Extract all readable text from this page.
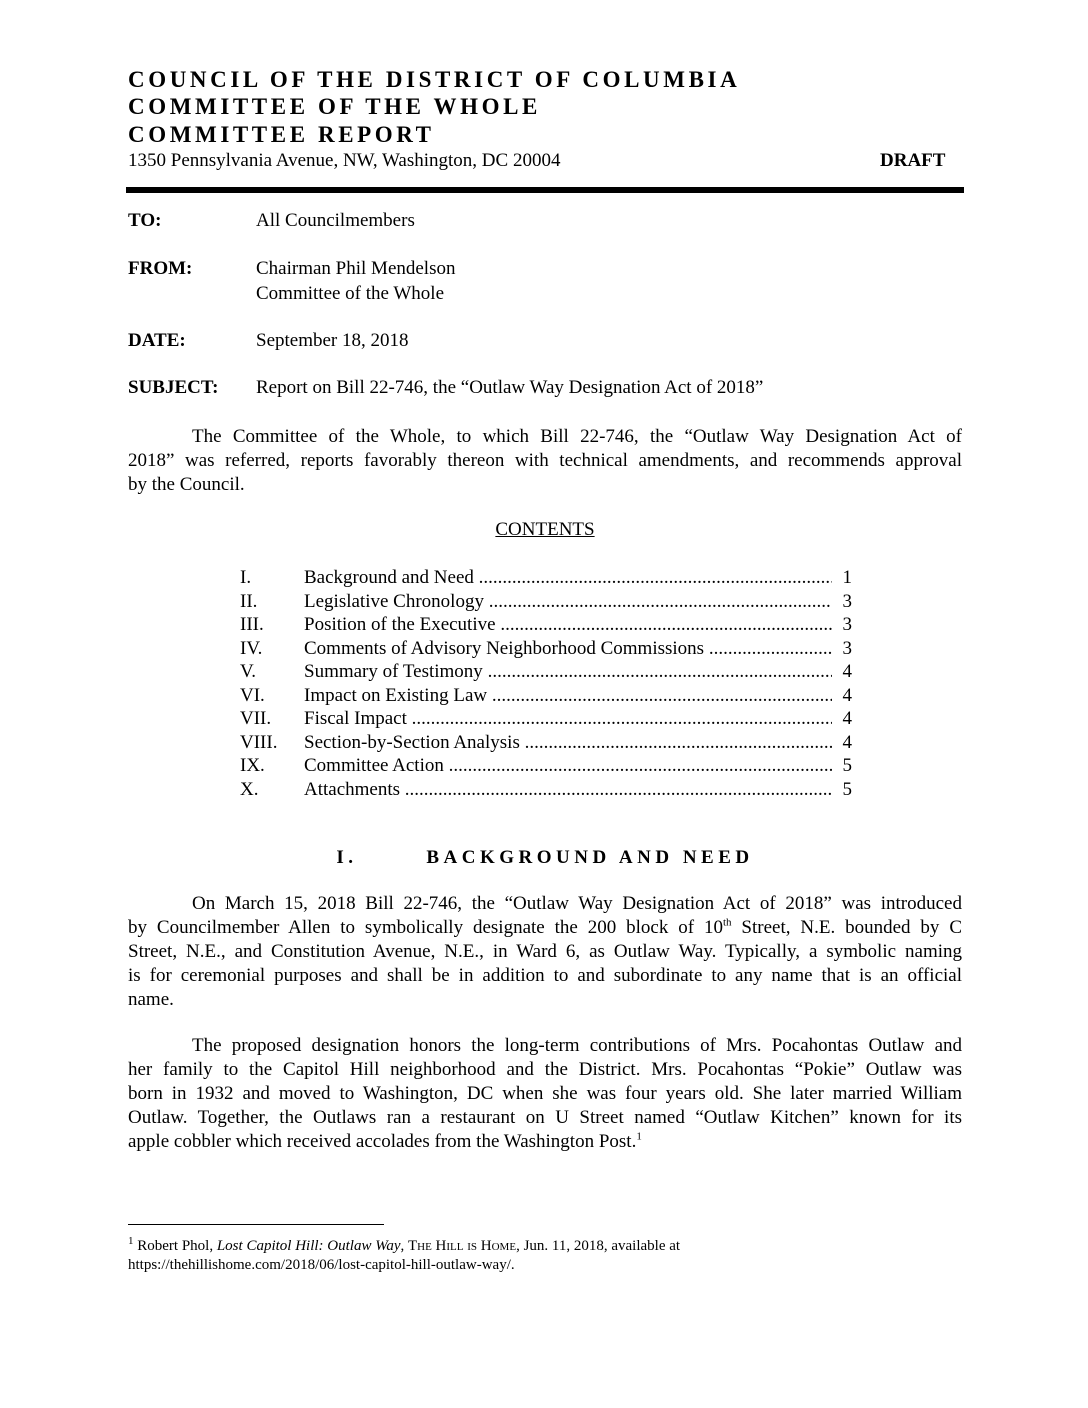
COUNCIL OF THE DISTRICT OF COLUMBIA
COMMITTEE OF THE WHOLE
COMMITTEE REPORT
1350 Pennsylvania Avenue, NW, Washington, DC 20004	DRAFT
TO:	All Councilmembers
FROM:	Chairman Phil Mendelson
Committee of the Whole
DATE:	September 18, 2018
SUBJECT: Report on Bill 22-746, the “Outlaw Way Designation Act of 2018”
The Committee of the Whole, to which Bill 22-746, the “Outlaw Way Designation Act of
2018” was referred, reports favorably thereon with technical amendments, and recommends approval
by the Council.
CONTENTS
I.	Background and Need .....	1
II. Legislative Chronology .....	3
III. Position of the Executive .....	3
IV. Comments of Advisory Neighborhood Commissions .....	3
V.	Summary of Testimony .....	4
VI. Impact on Existing Law .....	4
VII. Fiscal Impact .....	4
VIII. Section-by-Section Analysis .....	4
IX. Committee Action .....	5
X. Attachments .....	5
I.	BACKGROUND AND NEED
On March 15, 2018 Bill 22-746, the “Outlaw Way Designation Act of 2018” was introduced
by Councilmember Allen to symbolically designate the 200 block of 10th Street, N.E. bounded by C
Street, N.E., and Constitution Avenue, N.E., in Ward 6, as Outlaw Way. Typically, a symbolic naming
is for ceremonial purposes and shall be in addition to and subordinate to any name that is an official
name.
The proposed designation honors the long-term contributions of Mrs. Pocahontas Outlaw and
her family to the Capitol Hill neighborhood and the District. Mrs. Pocahontas “Pokie” Outlaw was
born in 1932 and moved to Washington, DC when she was four years old. She later married William
Outlaw. Together, the Outlaws ran a restaurant on U Street named “Outlaw Kitchen” known for its
apple cobbler which received accolades from the Washington Post.$^1$
$^1$ Robert Phol, Lost Capitol Hill: Outlaw Way, The Hill is Home, Jun. 11, 2018, available at
https://thehillishome.com/2018/06/lost-capitol-hill-outlaw-way/.
